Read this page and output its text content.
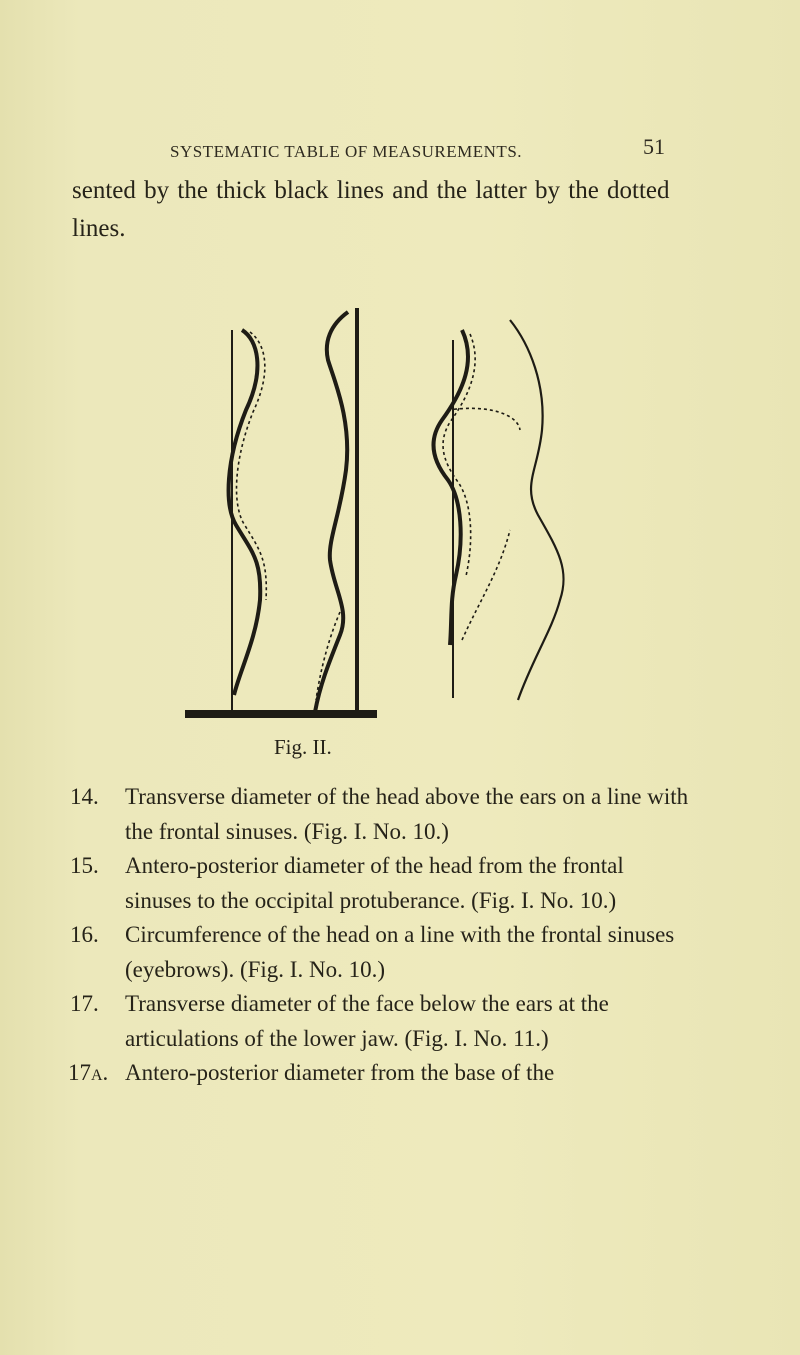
SYSTEMATIC TABLE OF MEASUREMENTS.	51
sented by the thick black lines and the latter by the dotted lines.
Fig. II.
14. Transverse diameter of the head above the ears on a line with the frontal sinuses. (Fig. I. No. 10.)
15. Antero-posterior diameter of the head from the frontal sinuses to the occipital protuberance. (Fig. I. No. 10.)
16. Circumference of the head on a line with the frontal sinuses (eyebrows). (Fig. I. No. 10.)
17. Transverse diameter of the face below the ears at the articulations of the lower jaw. (Fig. I. No. 11.)
17a. Antero-posterior diameter from the base of the
